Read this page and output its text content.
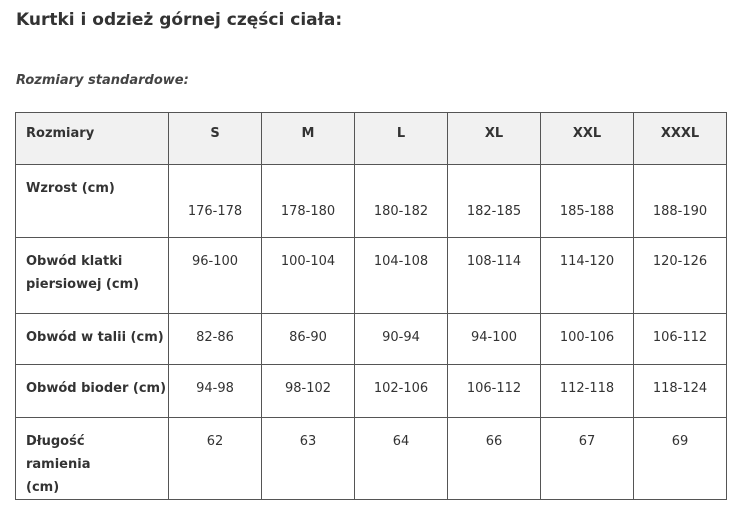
Kurtki i odzież górnej części ciała:
Rozmiary standardowe:
Rozmiary	S	M	L	XL	XXL	XXXL
Wzrost (cm)	176-178	178-180	180-182	182-185	185-188	188-190
Obwód klatki piersiowej (cm)	96-100	100-104	104-108	108-114	114-120	120-126
Obwód w talii (cm)	82-86	86-90	90-94	94-100	100-106	106-112
Obwód bioder (cm)	94-98	98-102	102-106	106-112	112-118	118-124
Długość ramienia (cm)	62	63	64	66	67	69
